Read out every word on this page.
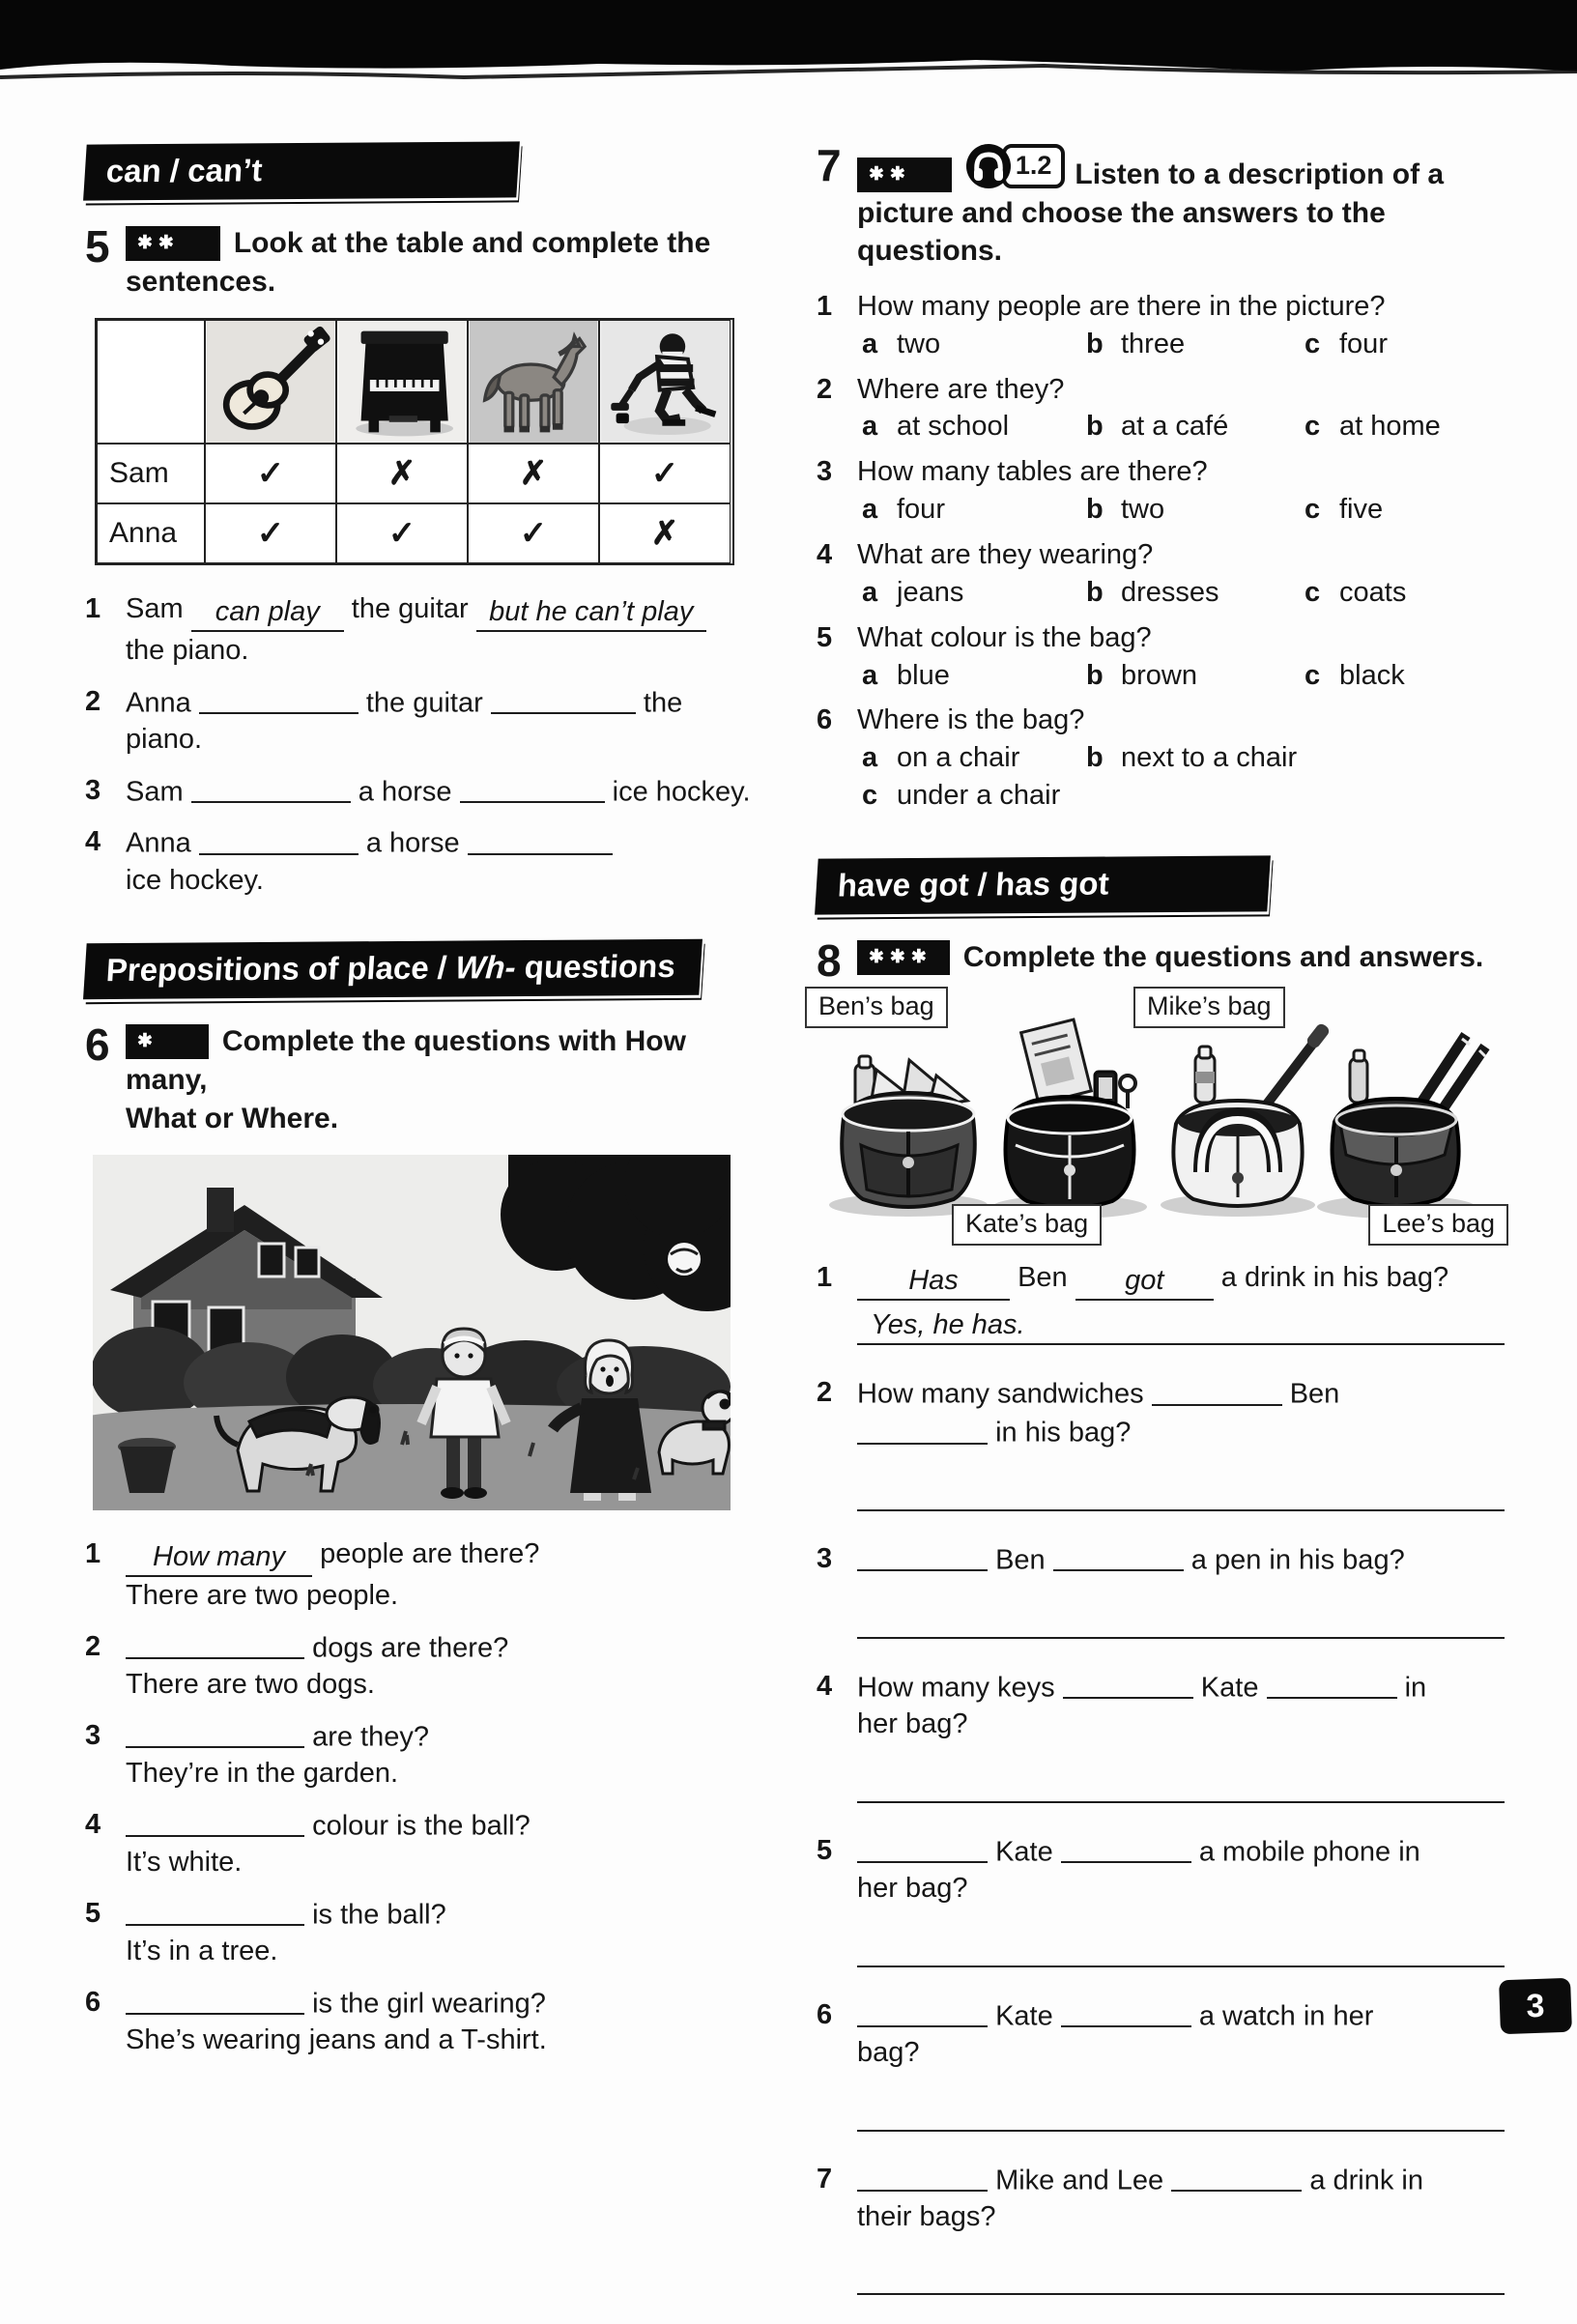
can / can’t
5	✱✱ Look at the table and complete the sentences.
Sam	✓	✗	✗	✓
Anna	✓	✓	✓	✗
1 Sam can play the guitar but he can’t play
the piano.
2 Anna	the guitar	the
piano.
3 Sam	a horse	ice hockey.
4 Anna	a horse
ice hockey.
Prepositions of place / Wh- questions
6	✱ Complete the questions with How many,
What or Where.
1	How many people are there?
There are two people.
2	dogs are there?
There are two dogs.
3	are they?
They’re in the garden.
4	colour is the ball?
It’s white.
5	is the ball?
It’s in a tree.
6	is the girl wearing?
She’s wearing jeans and a T-shirt.
7	✱✱	1.2 Listen to a description of a picture and choose the answers to the questions.
1 How many people are there in the picture?
a two	b three	c four
2 Where are they?
a at school	b at a café	c at home
3 How many tables are there?
a four	b two	c five
4 What are they wearing?
a jeans	b dresses	c coats
5 What colour is the bag?
a blue	b brown	c black
6 Where is the bag?
a on a chair b next to a chair
c under a chair
have got / has got
8	✱✱✱ Complete the questions and answers.
Ben’s bag	Mike’s bag
Kate’s bag	Lee’s bag
1	Has Ben got a drink in his bag?
Yes, he has.
2 How many sandwiches	Ben
in his bag?
3	Ben	a pen in his bag?
4 How many keys	Kate	in
her bag?
5	Kate	a mobile phone in
her bag?
6	Kate	a watch in her
bag?
7	Mike and Lee	a drink in
their bags?
3
